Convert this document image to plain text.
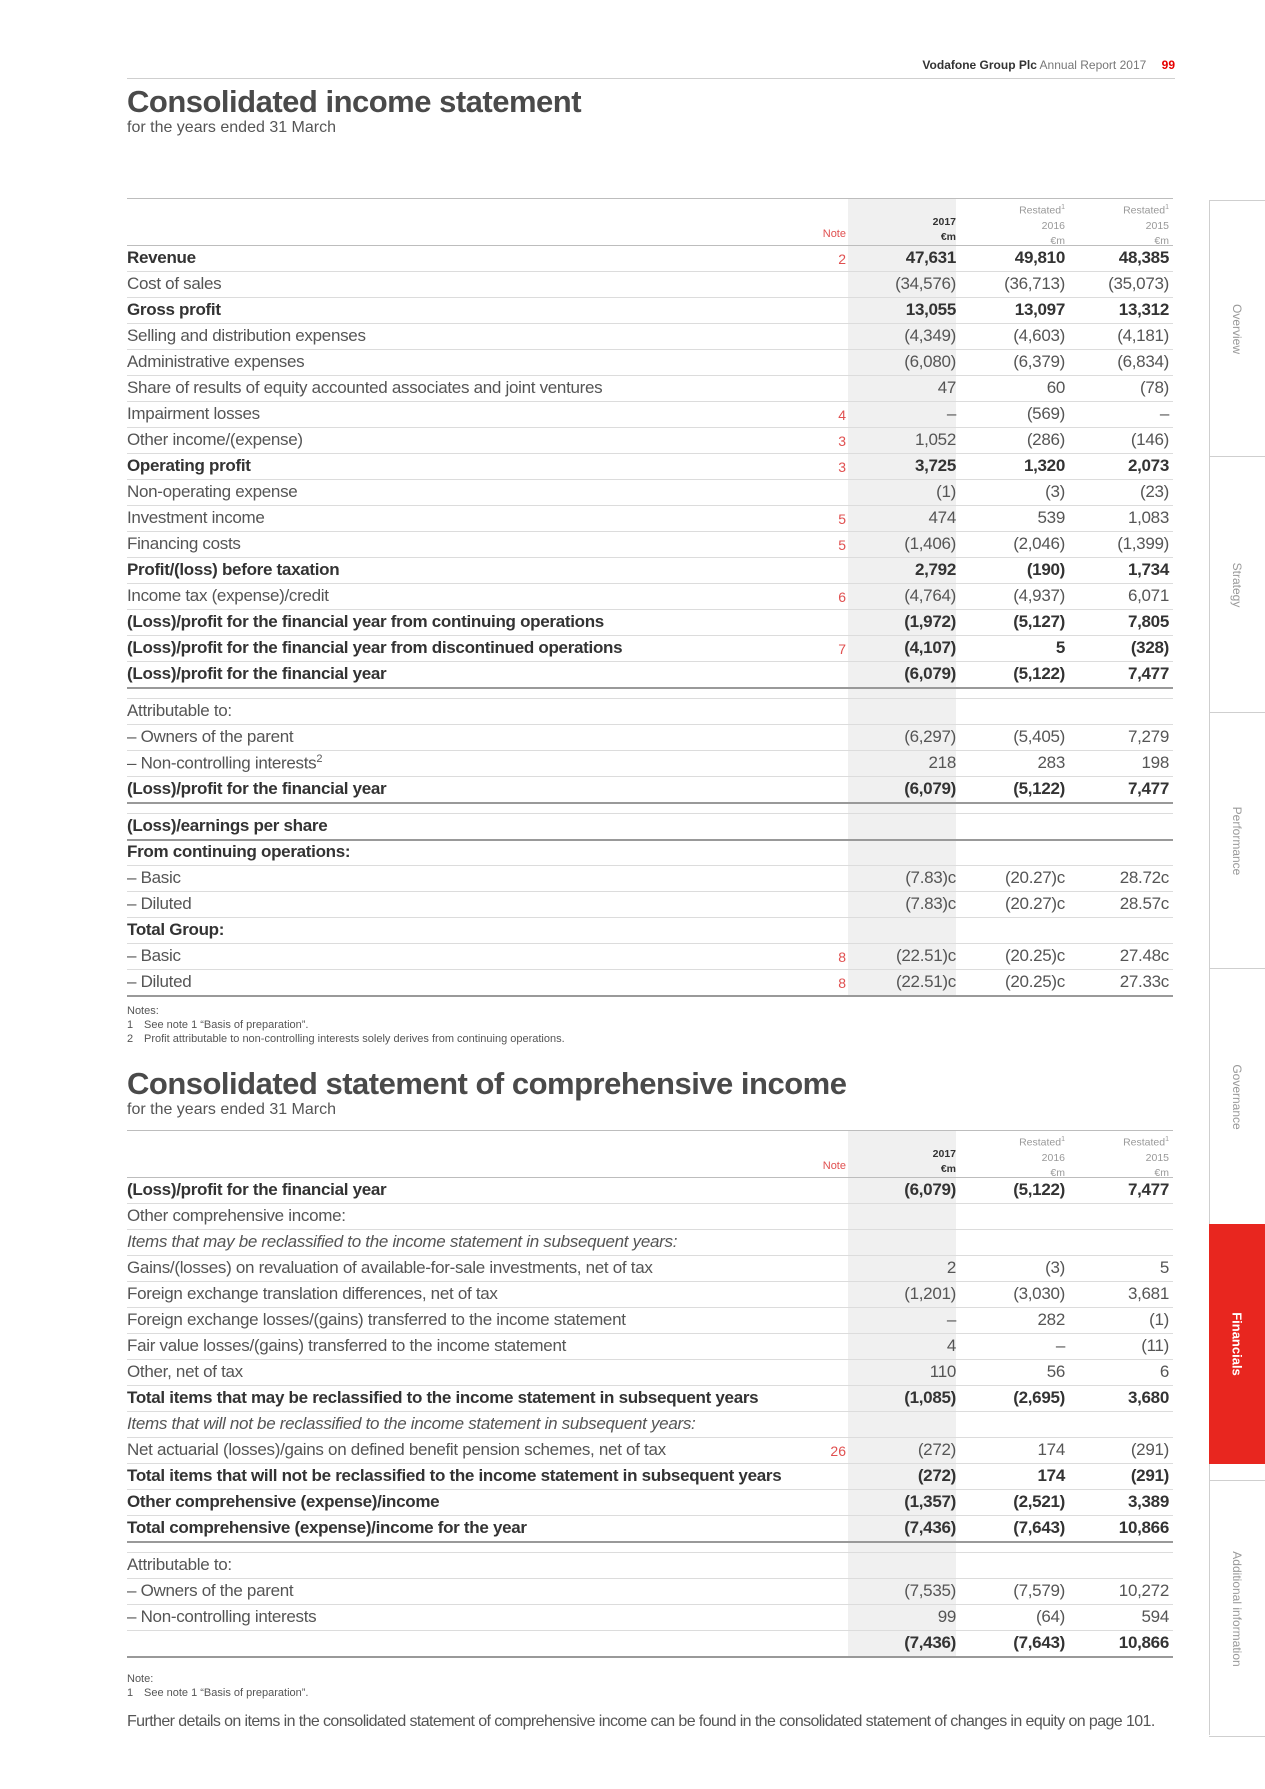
Vodafone Group Plc Annual Report 2017 99
Consolidated income statement
for the years ended 31 March
Note

2017
€m
Restated$^1$
2016
€m
Restated$^1$
2015
€m
Revenue	2	47,631	49,810	48,385
Cost of sales	(34,576)	(36,713)	(35,073)
Gross profit	13,055	13,097	13,312
Selling and distribution expenses	(4,349)	(4,603)	(4,181)
Administrative expenses	(6,080)	(6,379)	(6,834)
Share of results of equity accounted associates and joint ventures	47	60	(78)
Impairment losses	4	–	(569)	–
Other income/(expense)	3	1,052	(286)	(146)
Operating profit	3	3,725	1,320	2,073
Non-operating expense	(1)	(3)	(23)
Investment income	5	474	539	1,083
Financing costs	5	(1,406)	(2,046)	(1,399)
Profit/(loss) before taxation	2,792	(190)	1,734
Income tax (expense)/credit	6	(4,764)	(4,937)	6,071
(Loss)/profit for the financial year from continuing operations	(1,972)	(5,127)	7,805
(Loss)/profit for the financial year from discontinued operations	7	(4,107)	5	(328)
(Loss)/profit for the financial year	(6,079)	(5,122)	7,477
Attributable to:
– Owners of the parent	(6,297)	(5,405)	7,279
– Non-controlling interests$^2$	218	283	198
(Loss)/profit for the financial year	(6,079)	(5,122)	7,477
(Loss)/earnings per share
From continuing operations:
– Basic	(7.83)c	(20.27)c	28.72c
– Diluted	(7.83)c	(20.27)c	28.57c
Total Group:
– Basic	8	(22.51)c	(20.25)c	27.48c
– Diluted	8	(22.51)c	(20.25)c	27.33c
Notes:
1 See note 1 “Basis of preparation”.
2 Profit attributable to non-controlling interests solely derives from continuing operations.
Consolidated statement of comprehensive income
for the years ended 31 March
Note

2017
€m
Restated$^1$
2016
€m
Restated$^1$
2015
€m
(Loss)/profit for the financial year	(6,079)	(5,122)	7,477
Other comprehensive income:
Items that may be reclassified to the income statement in subsequent years:
Gains/(losses) on revaluation of available-for-sale investments, net of tax	2	(3)	5
Foreign exchange translation differences, net of tax	(1,201)	(3,030)	3,681
Foreign exchange losses/(gains) transferred to the income statement	–	282	(1)
Fair value losses/(gains) transferred to the income statement	4	–	(11)
Other, net of tax	110	56	6
Total items that may be reclassified to the income statement in subsequent years	(1,085)	(2,695)	3,680
Items that will not be reclassified to the income statement in subsequent years:
Net actuarial (losses)/gains on defined benefit pension schemes, net of tax	26	(272)	174	(291)
Total items that will not be reclassified to the income statement in subsequent years	(272)	174	(291)
Other comprehensive (expense)/income	(1,357)	(2,521)	3,389
Total comprehensive (expense)/income for the year	(7,436)	(7,643)	10,866
Attributable to:
– Owners of the parent	(7,535)	(7,579)	10,272
– Non-controlling interests	99	(64)	594
(7,436)	(7,643)	10,866
Note:
1 See note 1 “Basis of preparation”.
Further details on items in the consolidated statement of comprehensive income can be found in the consolidated statement of changes in equity on page 101.
Overview
Strategy
Performance
Governance
Financials
Additional information
